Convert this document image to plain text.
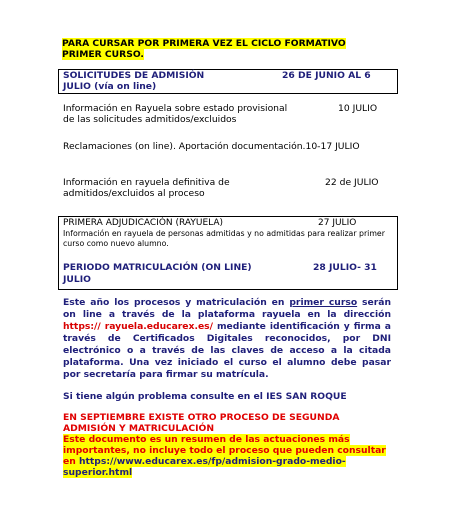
PARA CURSAR POR PRIMERA VEZ EL CICLO FORMATIVO PRIMER CURSO.
SOLICITUDES DE ADMISIÓN
JULIO (vía on line)
26 DE JUNIO AL 6
Información en Rayuela sobre estado provisional
de las solicitudes admitidos/excluidos
10 JULIO
Reclamaciones (on line). Aportación documentación.10-17 JULIO
Información en rayuela definitiva de
admitidos/excluidos al proceso
22 de JULIO
PRIMERA ADJUDICACIÓN (RAYUELA)	27 JULIO
Información en rayuela de personas admitidas y no admitidas para realizar primer curso como nuevo alumno.
PERIODO MATRICULACIÓN (ON LINE)
JULIO
28 JULIO- 31
Este año los procesos y matriculación en primer curso serán on line a través de la plataforma rayuela en la dirección https:// rayuela.educarex.es/ mediante identificación y firma a través de Certificados Digitales reconocidos, por DNI electrónico o a través de las claves de acceso a la citada plataforma. Una vez iniciado el curso el alumno debe pasar por secretaría para firmar su matrícula.
Si tiene algún problema consulte en el IES SAN ROQUE
EN SEPTIEMBRE EXISTE OTRO PROCESO DE SEGUNDA ADMISIÓN Y MATRICULACIÓN
Este documento es un resumen de las actuaciones más importantes, no incluye todo el proceso que pueden consultar en https://www.educarex.es/fp/admision-grado-medio-superior.html
